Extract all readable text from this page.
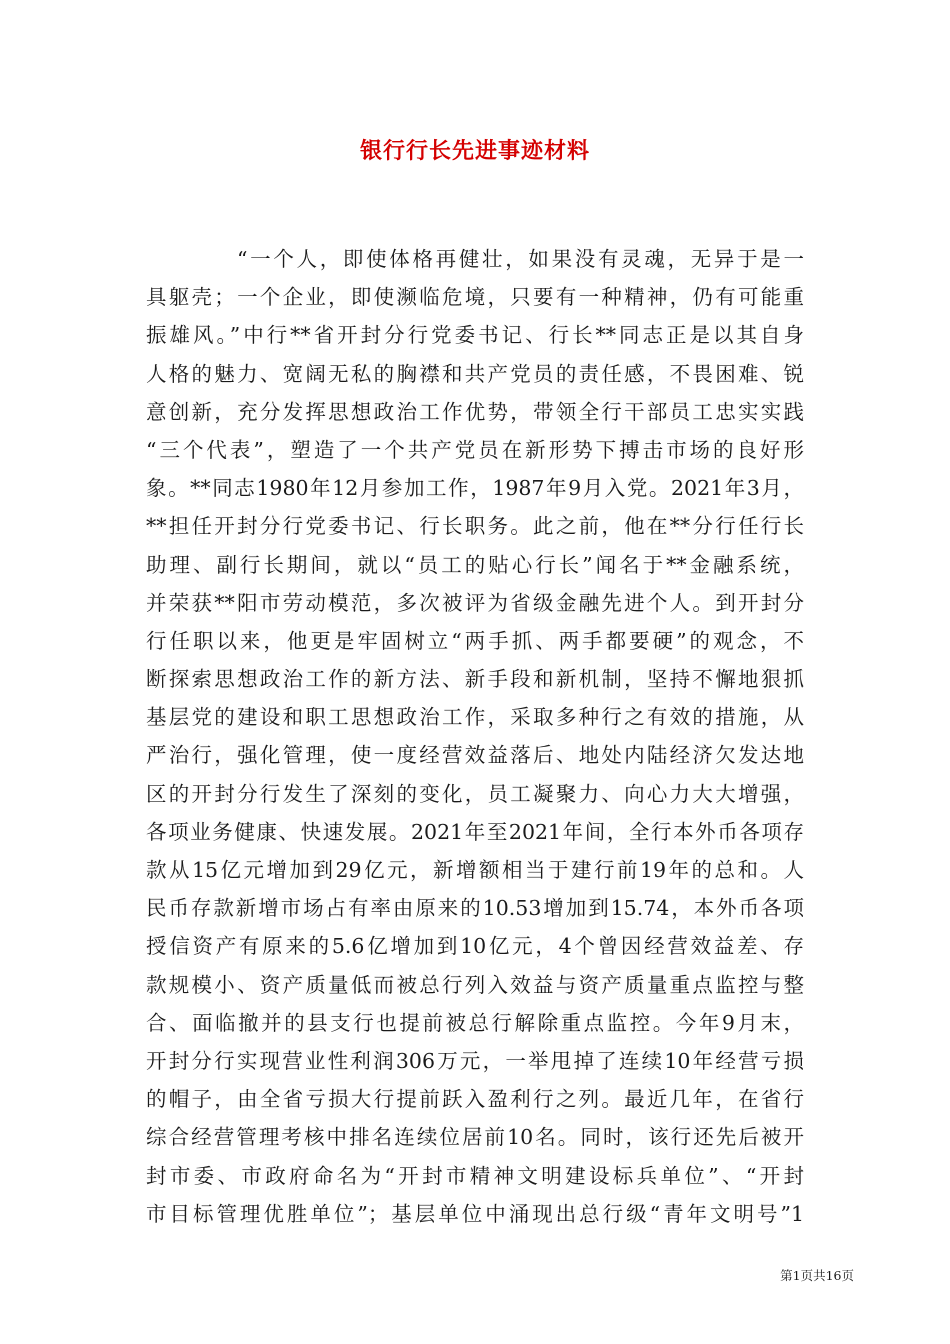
银行行长先进事迹材料
“一个人，即使体格再健壮，如果没有灵魂，无异于是一
具躯壳；一个企业，即使濒临危境，只要有一种精神，仍有可能重
振雄风。”中行**省开封分行党委书记、行长**同志正是以其自身
人格的魅力、宽阔无私的胸襟和共产党员的责任感，不畏困难、锐
意创新，充分发挥思想政治工作优势，带领全行干部员工忠实实践
“三个代表”，塑造了一个共产党员在新形势下搏击市场的良好形
象。**同志1980年12月参加工作，1987年9月入党。2021年3月，
**担任开封分行党委书记、行长职务。此之前，他在**分行任行长
助理、副行长期间，就以“员工的贴心行长”闻名于**金融系统，
并荣获**阳市劳动模范，多次被评为省级金融先进个人。到开封分
行任职以来，他更是牢固树立“两手抓、两手都要硬”的观念，不
断探索思想政治工作的新方法、新手段和新机制，坚持不懈地狠抓
基层党的建设和职工思想政治工作，采取多种行之有效的措施，从
严治行，强化管理，使一度经营效益落后、地处内陆经济欠发达地
区的开封分行发生了深刻的变化，员工凝聚力、向心力大大增强，
各项业务健康、快速发展。2021年至2021年间，全行本外币各项存
款从15亿元增加到29亿元，新增额相当于建行前19年的总和。人
民币存款新增市场占有率由原来的10.53增加到15.74，本外币各项
授信资产有原来的5.6亿增加到10亿元，4个曾因经营效益差、存
款规模小、资产质量低而被总行列入效益与资产质量重点监控与整
合、面临撤并的县支行也提前被总行解除重点监控。今年9月末，
开封分行实现营业性利润306万元，一举甩掉了连续10年经营亏损
的帽子，由全省亏损大行提前跃入盈利行之列。最近几年，在省行
综合经营管理考核中排名连续位居前10名。同时，该行还先后被开
封市委、市政府命名为“开封市精神文明建设标兵单位”、“开封
市目标管理优胜单位”；基层单位中涌现出总行级“青年文明号”1
第1页共16页
